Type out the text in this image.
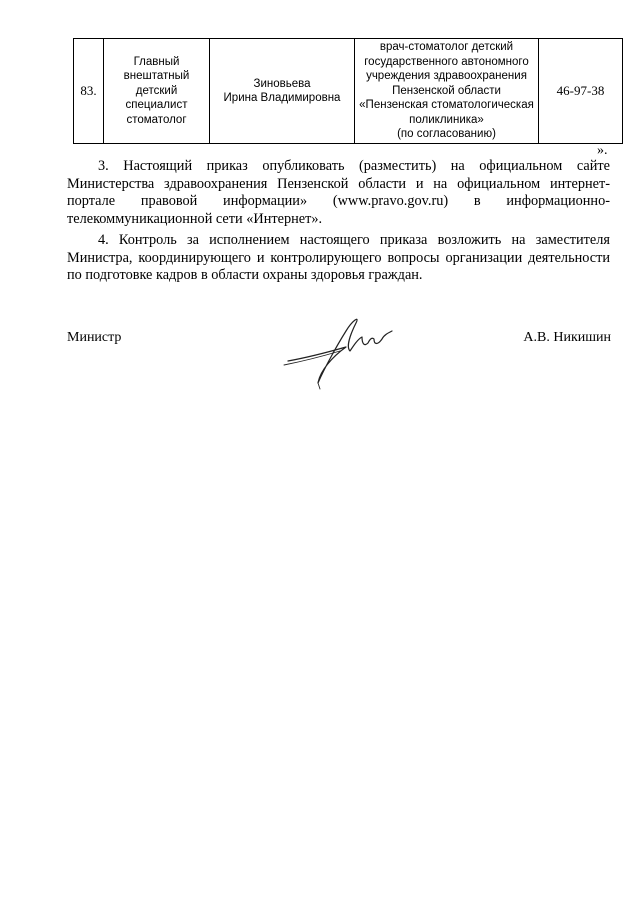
83.	Главный
внештатный
детский
специалист
стоматолог	Зиновьева
Ирина Владимировна	врач-стоматолог детский
государственного автономного
учреждения здравоохранения
Пензенской области
«Пензенская стоматологическая
поликлиника»
(по согласованию)	46-97-38
».

3. Настоящий приказ опубликовать (разместить) на официальном сайте Министерства здравоохранения Пензенской области и на официальном интернет-портале правовой информации» (www.pravo.gov.ru) в информационно-телекоммуникационной сети «Интернет».

4. Контроль за исполнением настоящего приказа возложить на заместителя Министра, координирующего и контролирующего вопросы организации деятельности по подготовке кадров в области охраны здоровья граждан.

Министр	А.В. Никишин
